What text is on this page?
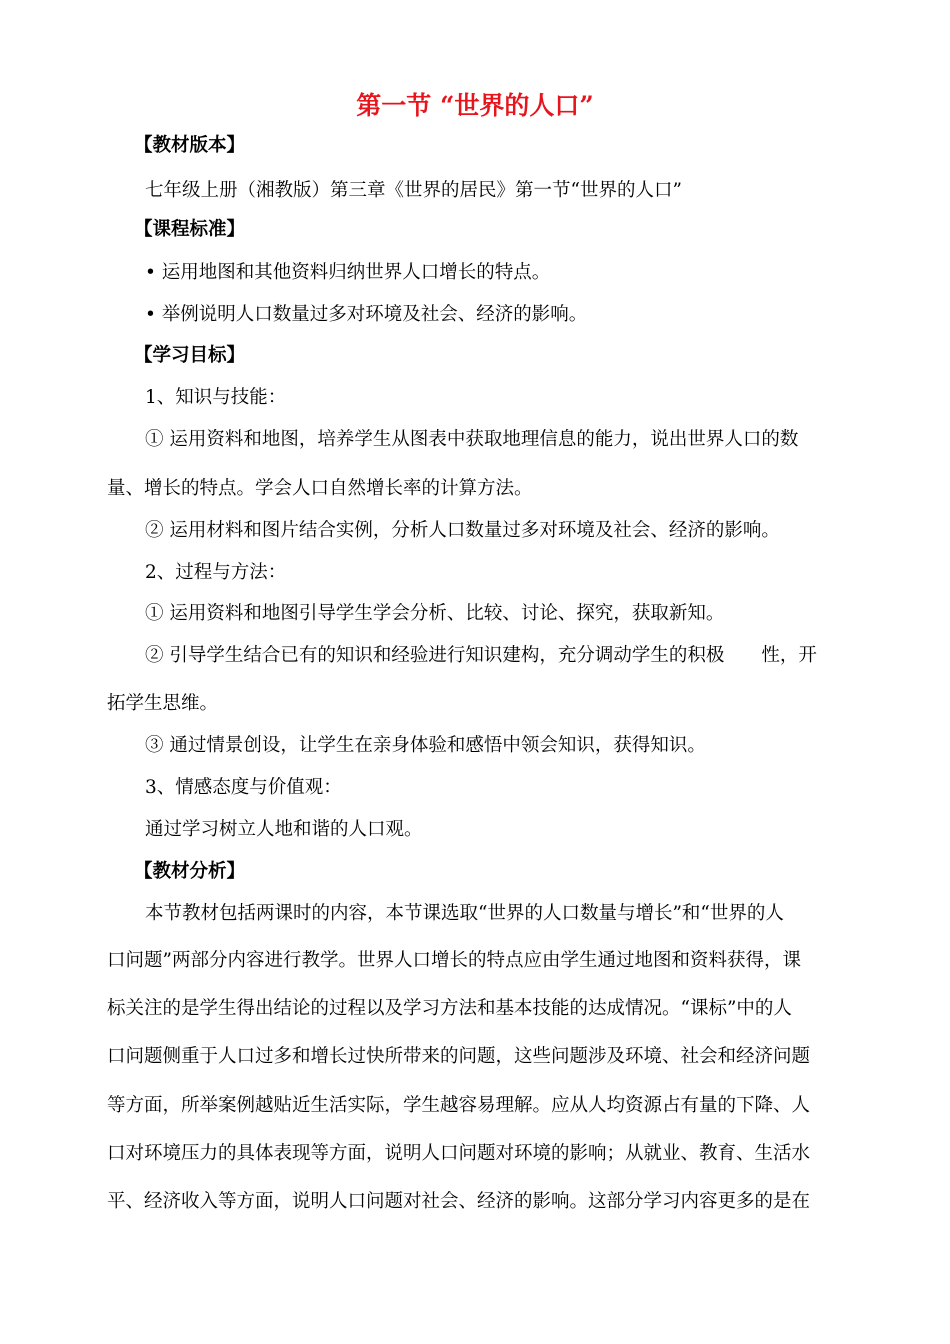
第一节 “世界的人口”
【教材版本】
七年级上册（湘教版）第三章《世界的居民》第一节“世界的人口”
【课程标准】
• 运用地图和其他资料归纳世界人口增长的特点。
• 举例说明人口数量过多对环境及社会、经济的影响。
【学习目标】
1、知识与技能：
① 运用资料和地图，培养学生从图表中获取地理信息的能力，说出世界人口的数
量、增长的特点。学会人口自然增长率的计算方法。
② 运用材料和图片结合实例，分析人口数量过多对环境及社会、经济的影响。
2、过程与方法：
① 运用资料和地图引导学生学会分析、比较、讨论、探究，获取新知。
② 引导学生结合已有的知识和经验进行知识建构，充分调动学生的积极　　性，开
拓学生思维。
③ 通过情景创设，让学生在亲身体验和感悟中领会知识，获得知识。
3、情感态度与价值观：
通过学习树立人地和谐的人口观。
【教材分析】
本节教材包括两课时的内容，本节课选取“世界的人口数量与增长”和“世界的人
口问题”两部分内容进行教学。世界人口增长的特点应由学生通过地图和资料获得，课
标关注的是学生得出结论的过程以及学习方法和基本技能的达成情况。“课标”中的人
口问题侧重于人口过多和增长过快所带来的问题，这些问题涉及环境、社会和经济问题
等方面，所举案例越贴近生活实际，学生越容易理解。应从人均资源占有量的下降、人
口对环境压力的具体表现等方面，说明人口问题对环境的影响；从就业、教育、生活水
平、经济收入等方面，说明人口问题对社会、经济的影响。这部分学习内容更多的是在
